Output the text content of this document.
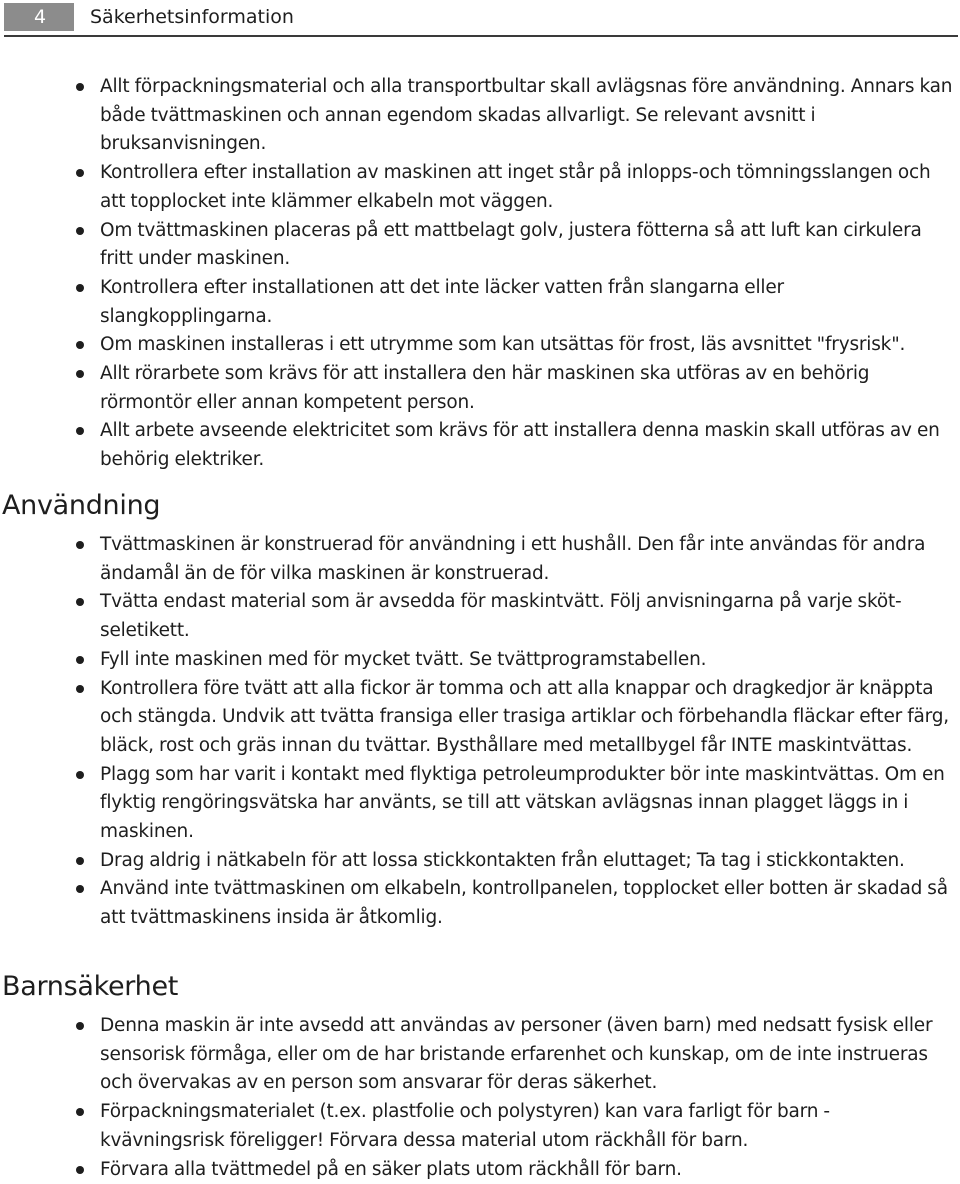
4	Säkerhetsinformation
Allt förpackningsmaterial och alla transportbultar skall avlägsnas före användning. Annars kan både tvättmaskinen och annan egendom skadas allvarligt. Se relevant avsnitt i bruksanvisningen.
Kontrollera efter installation av maskinen att inget står på inlopps-och tömningsslangen och att topplocket inte klämmer elkabeln mot väggen.
Om tvättmaskinen placeras på ett mattbelagt golv, justera fötterna så att luft kan cirkulera fritt under maskinen.
Kontrollera efter installationen att det inte läcker vatten från slangarna eller slangkopplingarna.
Om maskinen installeras i ett utrymme som kan utsättas för frost, läs avsnittet "frysrisk".
Allt rörarbete som krävs för att installera den här maskinen ska utföras av en behörig rörmontör eller annan kompetent person.
Allt arbete avseende elektricitet som krävs för att installera denna maskin skall utföras av en behörig elektriker.
Användning
Tvättmaskinen är konstruerad för användning i ett hushåll. Den får inte användas för andra ändamål än de för vilka maskinen är konstruerad.
Tvätta endast material som är avsedda för maskintvätt. Följ anvisningarna på varje skötseletikett.
Fyll inte maskinen med för mycket tvätt. Se tvättprogramstabellen.
Kontrollera före tvätt att alla fickor är tomma och att alla knappar och dragkedjor är knäppta och stängda. Undvik att tvätta fransiga eller trasiga artiklar och förbehandla fläckar efter färg, bläck, rost och gräs innan du tvättar. Bysthållare med metallbygel får INTE maskintvättas.
Plagg som har varit i kontakt med flyktiga petroleumprodukter bör inte maskintvättas. Om en flyktig rengöringsvätska har använts, se till att vätskan avlägsnas innan plagget läggs in i maskinen.
Drag aldrig i nätkabeln för att lossa stickkontakten från eluttaget; Ta tag i stickkontakten.
Använd inte tvättmaskinen om elkabeln, kontrollpanelen, topplocket eller botten är skadad så att tvättmaskinens insida är åtkomlig.
Barnsäkerhet
Denna maskin är inte avsedd att användas av personer (även barn) med nedsatt fysisk eller sensorisk förmåga, eller om de har bristande erfarenhet och kunskap, om de inte instrueras och övervakas av en person som ansvarar för deras säkerhet.
Förpackningsmaterialet (t.ex. plastfolie och polystyren) kan vara farligt för barn - kvävningsrisk föreligger! Förvara dessa material utom räckhåll för barn.
Förvara alla tvättmedel på en säker plats utom räckhåll för barn.
